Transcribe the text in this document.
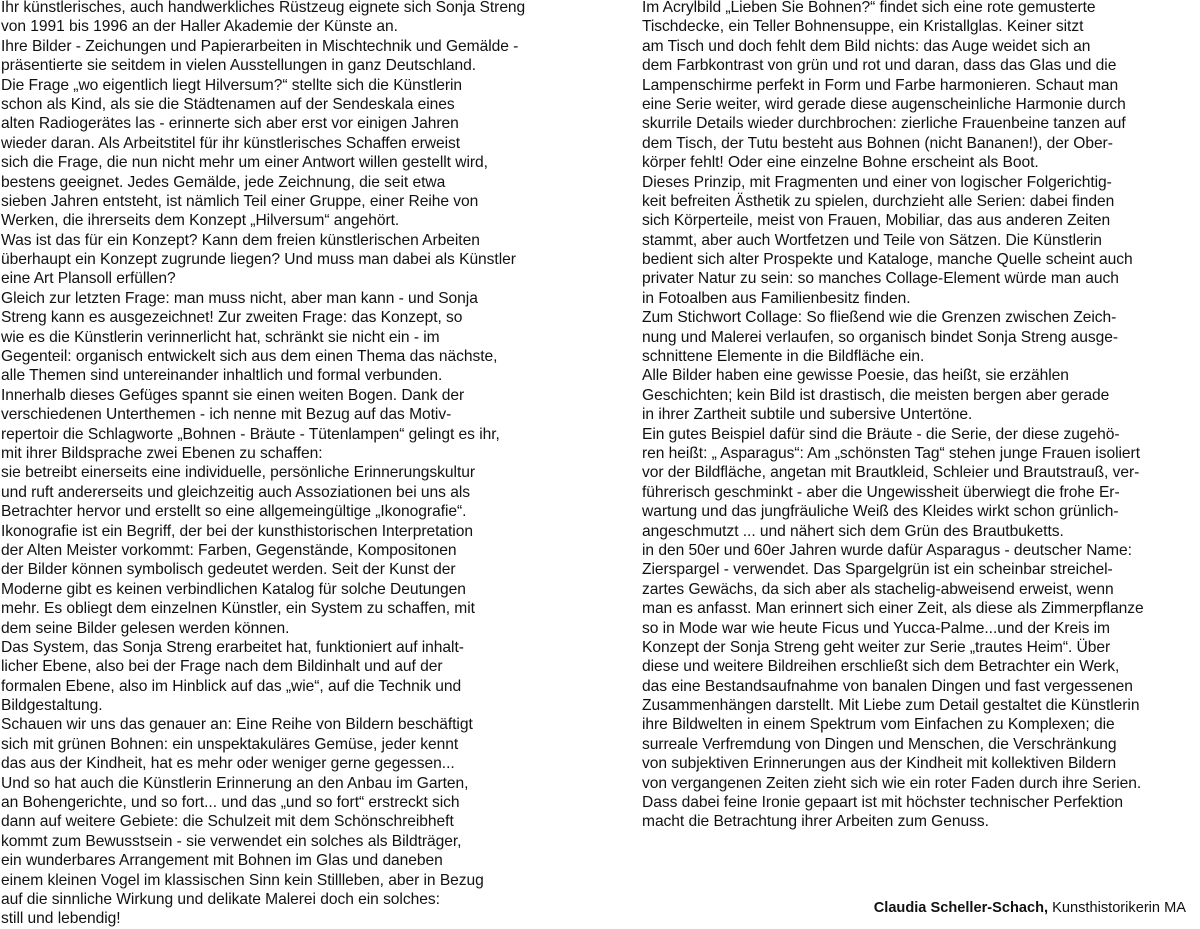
Ihr künstlerisches, auch handwerkliches Rüstzeug eignete sich Sonja Streng
von 1991 bis 1996 an der Haller Akademie der Künste an.
Ihre Bilder - Zeichungen und Papierarbeiten in Mischtechnik und Gemälde -
präsentierte sie seitdem in vielen Ausstellungen in ganz Deutschland.
Die Frage „wo eigentlich liegt Hilversum?“ stellte sich die Künstlerin
schon als Kind, als sie die Städtenamen auf der Sendeskala eines
alten Radiogerätes las - erinnerte sich aber erst vor einigen Jahren
wieder daran. Als Arbeitstitel für ihr künstlerisches Schaffen erweist
sich die Frage, die nun nicht mehr um einer Antwort willen gestellt wird,
bestens geeignet. Jedes Gemälde, jede Zeichnung, die seit etwa
sieben Jahren entsteht, ist nämlich Teil einer Gruppe, einer Reihe von
Werken, die ihrerseits dem Konzept „Hilversum“ angehört.
Was ist das für ein Konzept? Kann dem freien künstlerischen Arbeiten
überhaupt ein Konzept zugrunde liegen? Und muss man dabei als Künstler
eine Art Plansoll erfüllen?
Gleich zur letzten Frage: man muss nicht, aber man kann - und Sonja
Streng kann es ausgezeichnet! Zur zweiten Frage: das Konzept, so
wie es die Künstlerin verinnerlicht hat, schränkt sie nicht ein - im
Gegenteil: organisch entwickelt sich aus dem einen Thema das nächste,
alle Themen sind untereinander inhaltlich und formal verbunden.
Innerhalb dieses Gefüges spannt sie einen weiten Bogen. Dank der
verschiedenen Unterthemen - ich nenne mit Bezug auf das Motiv-
repertoir die Schlagworte „Bohnen - Bräute - Tütenlampen“ gelingt es ihr,
mit ihrer Bildsprache zwei Ebenen zu schaffen:
sie betreibt einerseits eine individuelle, persönliche Erinnerungskultur
und ruft andererseits und gleichzeitig auch Assoziationen bei uns als
Betrachter hervor und erstellt so eine allgemeingültige „Ikonografie“.
Ikonografie ist ein Begriff, der bei der kunsthistorischen Interpretation
der Alten Meister vorkommt: Farben, Gegenstände, Kompositonen
der Bilder können symbolisch gedeutet werden. Seit der Kunst der
Moderne gibt es keinen verbindlichen Katalog für solche Deutungen
mehr. Es obliegt dem einzelnen Künstler, ein System zu schaffen, mit
dem seine Bilder gelesen werden können.
Das System, das Sonja Streng erarbeitet hat, funktioniert auf inhalt-
licher Ebene, also bei der Frage nach dem Bildinhalt und auf der
formalen Ebene, also im Hinblick auf das „wie“, auf die Technik und
Bildgestaltung.
Schauen wir uns das genauer an: Eine Reihe von Bildern beschäftigt
sich mit grünen Bohnen: ein unspektakuläres Gemüse, jeder kennt
das aus der Kindheit, hat es mehr oder weniger gerne gegessen...
Und so hat auch die Künstlerin Erinnerung an den Anbau im Garten,
an Bohengerichte, und so fort... und das „und so fort“ erstreckt sich
dann auf weitere Gebiete: die Schulzeit mit dem Schönschreibheft
kommt zum Bewusstsein - sie verwendet ein solches als Bildträger,
ein wunderbares Arrangement mit Bohnen im Glas und daneben
einem kleinen Vogel im klassischen Sinn kein Stillleben, aber in Bezug
auf die sinnliche Wirkung und delikate Malerei doch ein solches:
still und lebendig!
Im Acrylbild „Lieben Sie Bohnen?“ findet sich eine rote gemusterte
Tischdecke, ein Teller Bohnensuppe, ein Kristallglas. Keiner sitzt
am Tisch und doch fehlt dem Bild nichts: das Auge weidet sich an
dem Farbkontrast von grün und rot und daran, dass das Glas und die
Lampenschirme perfekt in Form und Farbe harmonieren. Schaut man
eine Serie weiter, wird gerade diese augenscheinliche Harmonie durch
skurrile Details wieder durchbrochen: zierliche Frauenbeine tanzen auf
dem Tisch, der Tutu besteht aus Bohnen (nicht Bananen!), der Ober-
körper fehlt! Oder eine einzelne Bohne erscheint als Boot.
Dieses Prinzip, mit Fragmenten und einer von logischer Folgerichtig-
keit befreiten Ästhetik zu spielen, durchzieht alle Serien: dabei finden
sich Körperteile, meist von Frauen, Mobiliar, das aus anderen Zeiten
stammt, aber auch Wortfetzen und Teile von Sätzen. Die Künstlerin
bedient sich alter Prospekte und Kataloge, manche Quelle scheint auch
privater Natur zu sein: so manches Collage-Element würde man auch
in Fotoalben aus Familienbesitz finden.
Zum Stichwort Collage: So fließend wie die Grenzen zwischen Zeich-
nung und Malerei verlaufen, so organisch bindet Sonja Streng ausge-
schnittene Elemente in die Bildfläche ein.
Alle Bilder haben eine gewisse Poesie, das heißt, sie erzählen
Geschichten; kein Bild ist drastisch, die meisten bergen aber gerade
in ihrer Zartheit subtile und subersive Untertöne.
Ein gutes Beispiel dafür sind die Bräute - die Serie, der diese zugehö-
ren heißt: „ Asparagus“: Am „schönsten Tag“ stehen junge Frauen isoliert
vor der Bildfläche, angetan mit Brautkleid, Schleier und Brautstrauß, ver-
führerisch geschminkt - aber die Ungewissheit überwiegt die frohe Er-
wartung und das jungfräuliche Weiß des Kleides wirkt schon grünlich-
angeschmutzt ... und nähert sich dem Grün des Brautbuketts.
in den 50er und 60er Jahren wurde dafür Asparagus - deutscher Name:
Zierspargel - verwendet. Das Spargelgrün ist ein scheinbar streichel-
zartes Gewächs, da sich aber als stachelig-abweisend erweist, wenn
man es anfasst. Man erinnert sich einer Zeit, als diese als Zimmerpflanze
so in Mode war wie heute Ficus und Yucca-Palme...und der Kreis im
Konzept der Sonja Streng geht weiter zur Serie „trautes Heim“. Über
diese und weitere Bildreihen erschließt sich dem Betrachter ein Werk,
das eine Bestandsaufnahme von banalen Dingen und fast vergessenen
Zusammenhängen darstellt. Mit Liebe zum Detail gestaltet die Künstlerin
ihre Bildwelten in einem Spektrum vom Einfachen zu Komplexen; die
surreale Verfremdung von Dingen und Menschen, die Verschränkung
von subjektiven Erinnerungen aus der Kindheit mit kollektiven Bildern
von vergangenen Zeiten zieht sich wie ein roter Faden durch ihre Serien.
Dass dabei feine Ironie gepaart ist mit höchster technischer Perfektion
macht die Betrachtung ihrer Arbeiten zum Genuss.
Claudia Scheller-Schach, Kunsthistorikerin MA
